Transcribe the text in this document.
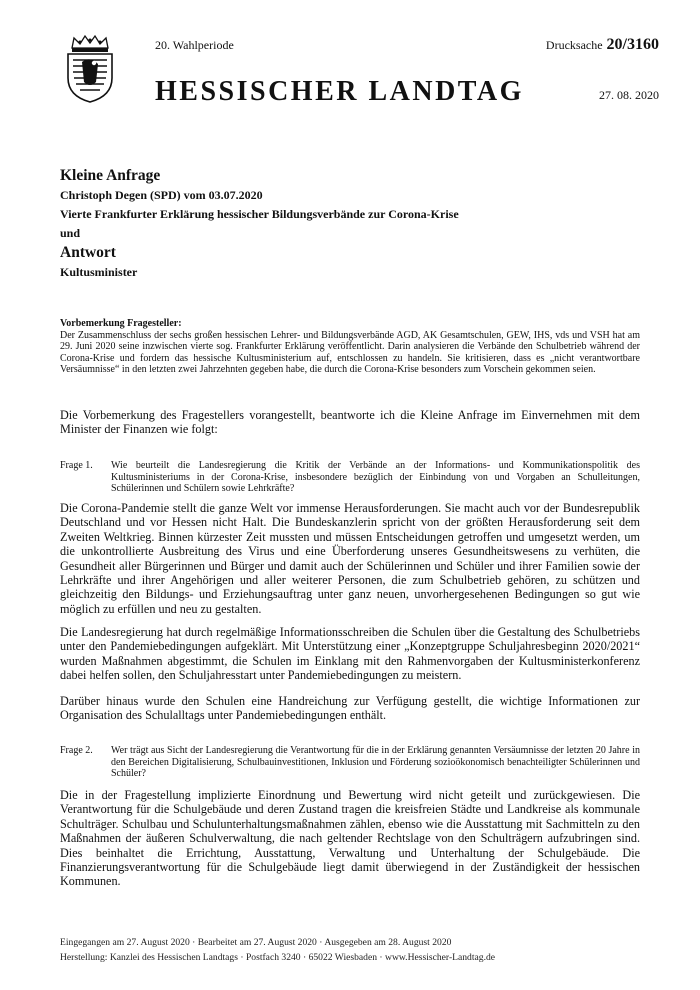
20. Wahlperiode	Drucksache 20/3160
HESSISCHER LANDTAG	27. 08. 2020
Kleine Anfrage
Christoph Degen (SPD) vom 03.07.2020
Vierte Frankfurter Erklärung hessischer Bildungsverbände zur Corona-Krise
und
Antwort
Kultusminister
Vorbemerkung Fragesteller:
Der Zusammenschluss der sechs großen hessischen Lehrer- und Bildungsverbände AGD, AK Gesamtschulen, GEW, IHS, vds und VSH hat am 29. Juni 2020 seine inzwischen vierte sog. Frankfurter Erklärung veröffentlicht. Darin analysieren die Verbände den Schulbetrieb während der Corona-Krise und fordern das hessische Kultusministerium auf, entschlossen zu handeln. Sie kritisieren, dass es „nicht verantwortbare Versäumnisse“ in den letzten zwei Jahrzehnten gegeben habe, die durch die Corona-Krise besonders zum Vorschein gekommen seien.
Die Vorbemerkung des Fragestellers vorangestellt, beantworte ich die Kleine Anfrage im Einvernehmen mit dem Minister der Finanzen wie folgt:
Frage 1. Wie beurteilt die Landesregierung die Kritik der Verbände an der Informations- und Kommunikationspolitik des Kultusministeriums in der Corona-Krise, insbesondere bezüglich der Einbindung von und Vorgaben an Schulleitungen, Schülerinnen und Schülern sowie Lehrkräfte?
Die Corona-Pandemie stellt die ganze Welt vor immense Herausforderungen. Sie macht auch vor der Bundesrepublik Deutschland und vor Hessen nicht Halt. Die Bundeskanzlerin spricht von der größten Herausforderung seit dem Zweiten Weltkrieg. Binnen kürzester Zeit mussten und müssen Entscheidungen getroffen und umgesetzt werden, um die unkontrollierte Ausbreitung des Virus und eine Überforderung unseres Gesundheitswesens zu verhüten, die Gesundheit aller Bürgerinnen und Bürger und damit auch der Schülerinnen und Schüler und ihrer Familien sowie der Lehrkräfte und ihrer Angehörigen und aller weiterer Personen, die zum Schulbetrieb gehören, zu schützen und gleichzeitig den Bildungs- und Erziehungsauftrag unter ganz neuen, unvorhergesehenen Bedingungen so gut wie möglich zu erfüllen und neu zu gestalten.
Die Landesregierung hat durch regelmäßige Informationsschreiben die Schulen über die Gestaltung des Schulbetriebs unter den Pandemiebedingungen aufgeklärt. Mit Unterstützung einer „Konzeptgruppe Schuljahresbeginn 2020/2021“ wurden Maßnahmen abgestimmt, die Schulen im Einklang mit den Rahmenvorgaben der Kultusministerkonferenz dabei helfen sollen, den Schuljahresstart unter Pandemiebedingungen zu meistern.
Darüber hinaus wurde den Schulen eine Handreichung zur Verfügung gestellt, die wichtige Informationen zur Organisation des Schulalltags unter Pandemiebedingungen enthält.
Frage 2. Wer trägt aus Sicht der Landesregierung die Verantwortung für die in der Erklärung genannten Versäumnisse der letzten 20 Jahre in den Bereichen Digitalisierung, Schulbauinvestitionen, Inklusion und Förderung sozioökonomisch benachteiligter Schülerinnen und Schüler?
Die in der Fragestellung implizierte Einordnung und Bewertung wird nicht geteilt und zurückgewiesen. Die Verantwortung für die Schulgebäude und deren Zustand tragen die kreisfreien Städte und Landkreise als kommunale Schulträger. Schulbau und Schulunterhaltungsmaßnahmen zählen, ebenso wie die Ausstattung mit Sachmitteln zu den Maßnahmen der äußeren Schulverwaltung, die nach geltender Rechtslage von den Schulträgern aufzubringen sind. Dies beinhaltet die Errichtung, Ausstattung, Verwaltung und Unterhaltung der Schulgebäude. Die Finanzierungsverantwortung für die Schulgebäude liegt damit überwiegend in der Zuständigkeit der hessischen Kommunen.
Eingegangen am 27. August 2020 · Bearbeitet am 27. August 2020 · Ausgegeben am 28. August 2020
Herstellung: Kanzlei des Hessischen Landtags · Postfach 3240 · 65022 Wiesbaden · www.Hessischer-Landtag.de
